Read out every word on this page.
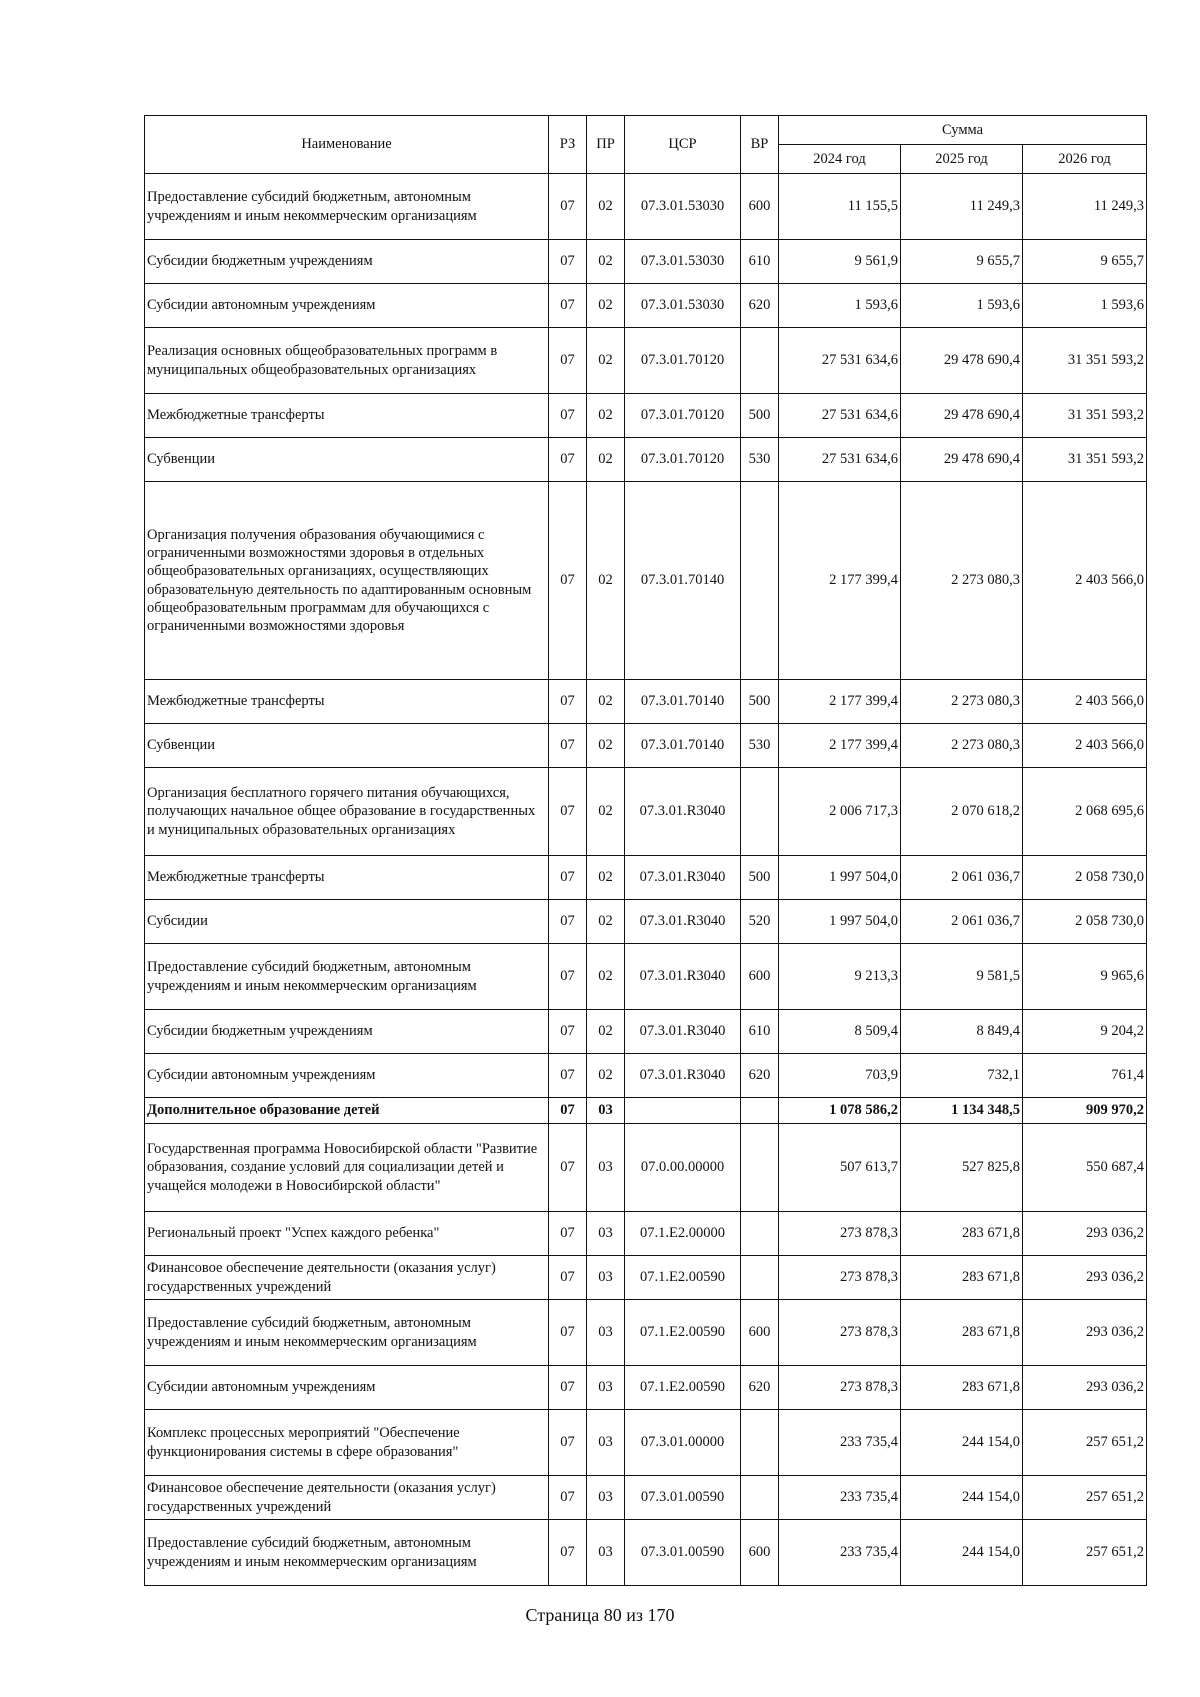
Наименование	РЗ	ПР	ЦСР	ВР	Сумма		
					2024 год	2025 год	2026 год
Предоставление субсидий бюджетным, автономным учреждениям и иным некоммерческим организациям	07	02	07.3.01.53030	600	11 155,5	11 249,3	11 249,3
Субсидии бюджетным учреждениям	07	02	07.3.01.53030	610	9 561,9	9 655,7	9 655,7
Субсидии автономным учреждениям	07	02	07.3.01.53030	620	1 593,6	1 593,6	1 593,6
Реализация основных общеобразовательных программ в муниципальных общеобразовательных организациях	07	02	07.3.01.70120		27 531 634,6	29 478 690,4	31 351 593,2
Межбюджетные трансферты	07	02	07.3.01.70120	500	27 531 634,6	29 478 690,4	31 351 593,2
Субвенции	07	02	07.3.01.70120	530	27 531 634,6	29 478 690,4	31 351 593,2
Организация получения образования обучающимися с ограниченными возможностями здоровья в отдельных общеобразовательных организациях, осуществляющих образовательную деятельность по адаптированным основным общеобразовательным программам для обучающихся с ограниченными возможностями здоровья	07	02	07.3.01.70140		2 177 399,4	2 273 080,3	2 403 566,0
Межбюджетные трансферты	07	02	07.3.01.70140	500	2 177 399,4	2 273 080,3	2 403 566,0
Субвенции	07	02	07.3.01.70140	530	2 177 399,4	2 273 080,3	2 403 566,0
Организация бесплатного горячего питания обучающихся, получающих начальное общее образование в государственных и муниципальных образовательных организациях	07	02	07.3.01.R3040		2 006 717,3	2 070 618,2	2 068 695,6
Межбюджетные трансферты	07	02	07.3.01.R3040	500	1 997 504,0	2 061 036,7	2 058 730,0
Субсидии	07	02	07.3.01.R3040	520	1 997 504,0	2 061 036,7	2 058 730,0
Предоставление субсидий бюджетным, автономным учреждениям и иным некоммерческим организациям	07	02	07.3.01.R3040	600	9 213,3	9 581,5	9 965,6
Субсидии бюджетным учреждениям	07	02	07.3.01.R3040	610	8 509,4	8 849,4	9 204,2
Субсидии автономным учреждениям	07	02	07.3.01.R3040	620	703,9	732,1	761,4
Дополнительное образование детей	07	03			1 078 586,2	1 134 348,5	909 970,2
Государственная программа Новосибирской области "Развитие образования, создание условий для социализации детей и учащейся молодежи в Новосибирской области"	07	03	07.0.00.00000		507 613,7	527 825,8	550 687,4
Региональный проект "Успех каждого ребенка"	07	03	07.1.E2.00000		273 878,3	283 671,8	293 036,2
Финансовое обеспечение деятельности (оказания услуг) государственных учреждений	07	03	07.1.E2.00590		273 878,3	283 671,8	293 036,2
Предоставление субсидий бюджетным, автономным учреждениям и иным некоммерческим организациям	07	03	07.1.E2.00590	600	273 878,3	283 671,8	293 036,2
Субсидии автономным учреждениям	07	03	07.1.E2.00590	620	273 878,3	283 671,8	293 036,2
Комплекс процессных мероприятий "Обеспечение функционирования системы в сфере образования"	07	03	07.3.01.00000		233 735,4	244 154,0	257 651,2
Финансовое обеспечение деятельности (оказания услуг) государственных учреждений	07	03	07.3.01.00590		233 735,4	244 154,0	257 651,2
Предоставление субсидий бюджетным, автономным учреждениям и иным некоммерческим организациям	07	03	07.3.01.00590	600	233 735,4	244 154,0	257 651,2
Страница 80 из 170
